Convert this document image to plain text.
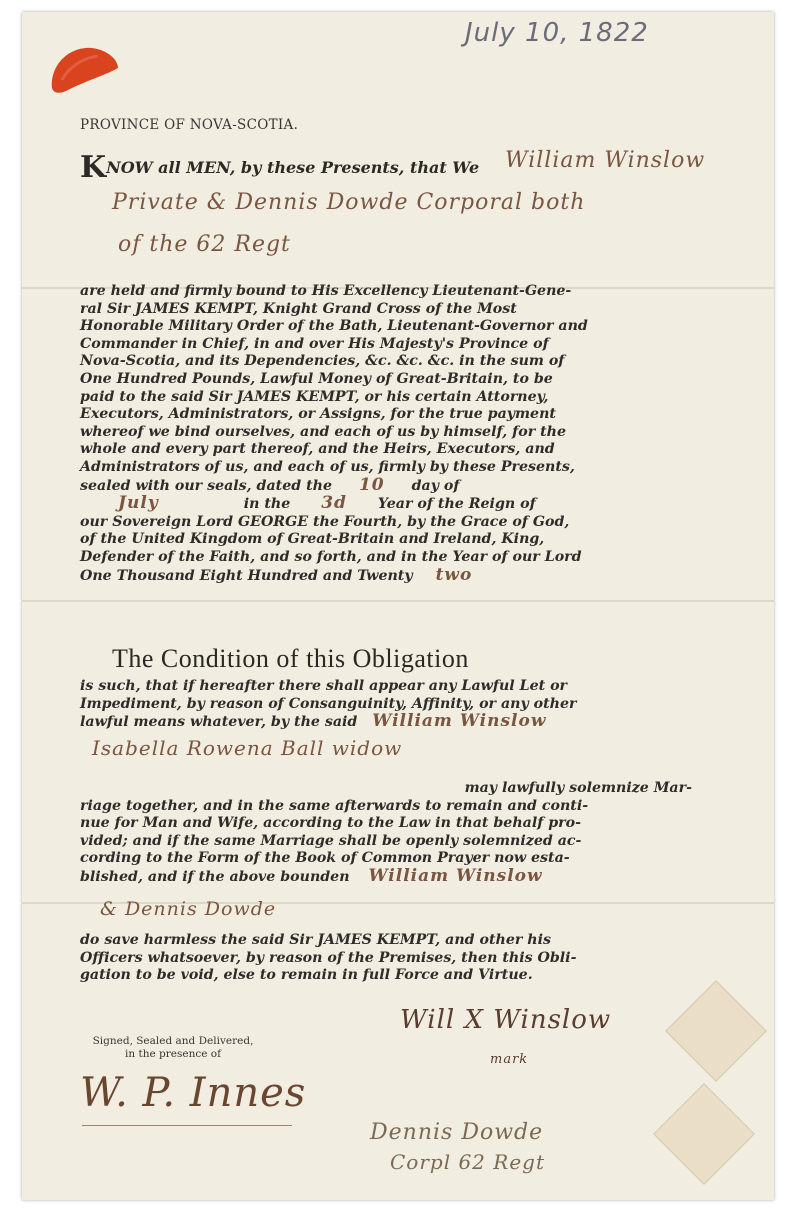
July 10, 1822
PROVINCE OF NOVA-SCOTIA.
KNOW all MEN, by these Presents, that We William Winslow
Private & Dennis Dowde Corporal both
of the 62 Regt

are held and firmly bound to His Excellency Lieutenant-Gene-

ral Sir JAMES KEMPT, Knight Grand Cross of the Most

Honorable Military Order of the Bath, Lieutenant-Governor and

Commander in Chief, in and over His Majesty's Province of

Nova-Scotia, and its Dependencies, &c. &c. &c. in the sum of

One Hundred Pounds, Lawful Money of Great-Britain, to be

paid to the said Sir JAMES KEMPT, or his certain Attorney,

Executors, Administrators, or Assigns, for the true payment

whereof we bind ourselves, and each of us by himself, for the

whole and every part thereof, and the Heirs, Executors, and

Administrators of us, and each of us, firmly by these Presents,

sealed with our seals, dated the 10 day of

July	in the 3d Year of the Reign of

our Sovereign Lord GEORGE the Fourth, by the Grace of God,

of the United Kingdom of Great-Britain and Ireland, King,

Defender of the Faith, and so forth, and in the Year of our Lord

One Thousand Eight Hundred and Twenty two

The Condition of this Obligation

is such, that if hereafter there shall appear any Lawful Let or

Impediment, by reason of Consanguinity, Affinity, or any other

lawful means whatever, by the said William Winslow

Isabella Rowena Ball widow

may lawfully solemnize Mar-

riage together, and in the same afterwards to remain and conti-

nue for Man and Wife, according to the Law in that behalf pro-

vided; and if the same Marriage shall be openly solemnized ac-

cording to the Form of the Book of Common Prayer now esta-

blished, and if the above bounden William Winslow

& Dennis Dowde

do save harmless the said Sir JAMES KEMPT, and other his

Officers whatsoever, by reason of the Premises, then this Obli-

gation to be void, else to remain in full Force and Virtue.

Signed, Sealed and Delivered,
in the presence of
Will X Winslow
mark
W. P. Innes
Dennis Dowde
Corpl 62 Regt
